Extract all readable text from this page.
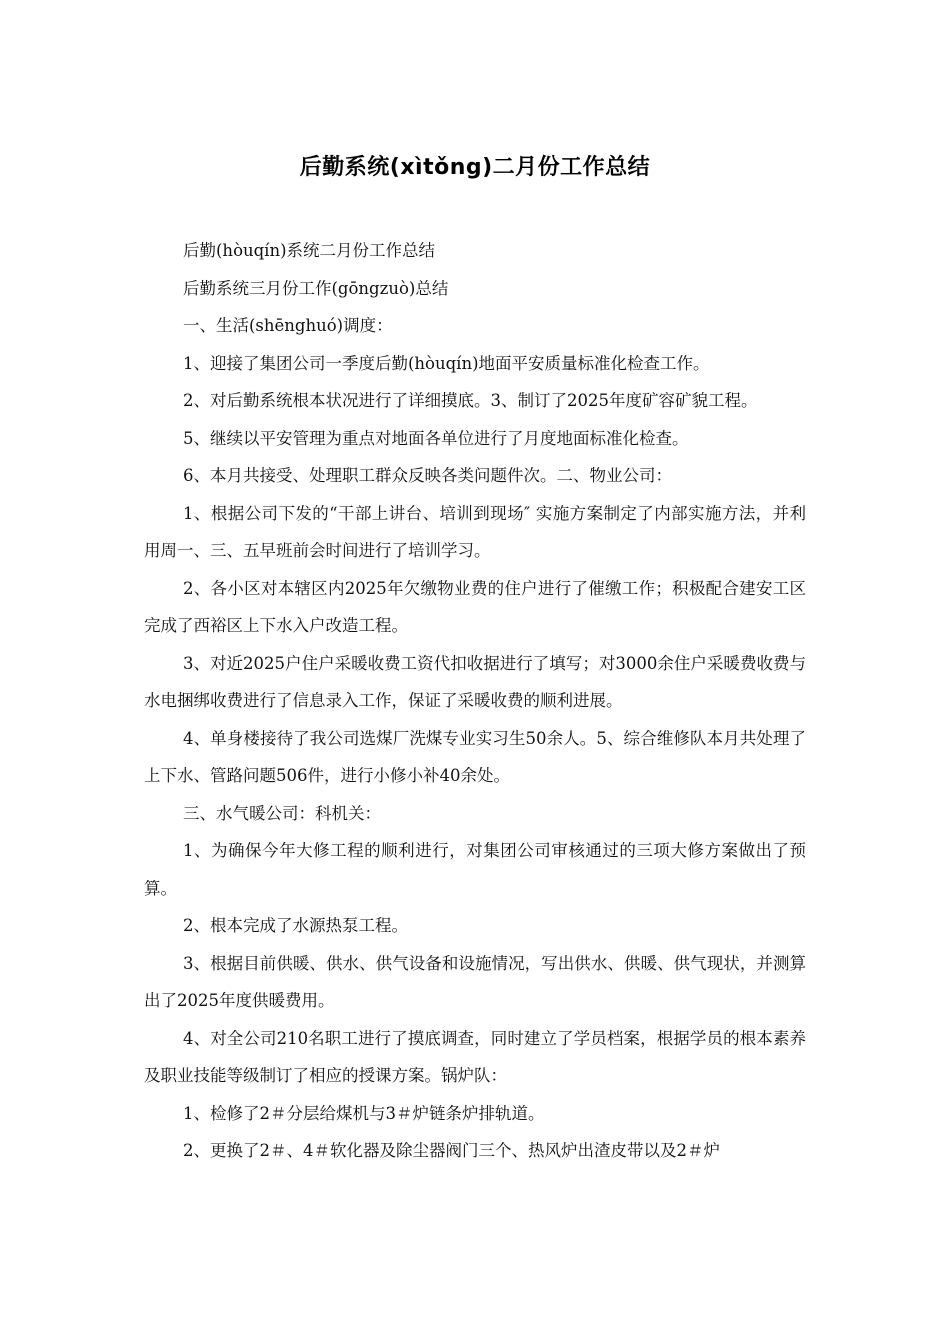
后勤系统(xìtǒng)二月份工作总结

后勤(hòuqín)系统二月份工作总结

后勤系统三月份工作(gōngzuò)总结

一、生活(shēnghuó)调度：

1、迎接了集团公司一季度后勤(hòuqín)地面平安质量标准化检查工作。

2、对后勤系统根本状况进行了详细摸底。3、制订了2025年度矿容矿貌工程。

5、继续以平安管理为重点对地面各单位进行了月度地面标准化检查。

6、本月共接受、处理职工群众反映各类问题件次。二、物业公司：

1、根据公司下发的“干部上讲台、培训到现场″ 实施方案制定了内部实施方法，并利用周一、三、五早班前会时间进行了培训学习。

2、各小区对本辖区内2025年欠缴物业费的住户进行了催缴工作；积极配合建安工区完成了西裕区上下水入户改造工程。

3、对近2025户住户采暖收费工资代扣收据进行了填写；对3000余住户采暖费收费与水电捆绑收费进行了信息录入工作，保证了采暖收费的顺利进展。

4、单身楼接待了我公司选煤厂洗煤专业实习生50余人。5、综合维修队本月共处理了上下水、管路问题506件，进行小修小补40余处。

三、水气暖公司：科机关：

1、为确保今年大修工程的顺利进行，对集团公司审核通过的三项大修方案做出了预算。

2、根本完成了水源热泵工程。

3、根据目前供暖、供水、供气设备和设施情况，写出供水、供暖、供气现状，并测算出了2025年度供暖费用。

4、对全公司210名职工进行了摸底调查，同时建立了学员档案，根据学员的根本素养及职业技能等级制订了相应的授课方案。锅炉队：

1、检修了2＃分层给煤机与3＃炉链条炉排轨道。

2、更换了2＃、4＃软化器及除尘器阀门三个、热风炉出渣皮带以及2＃炉
